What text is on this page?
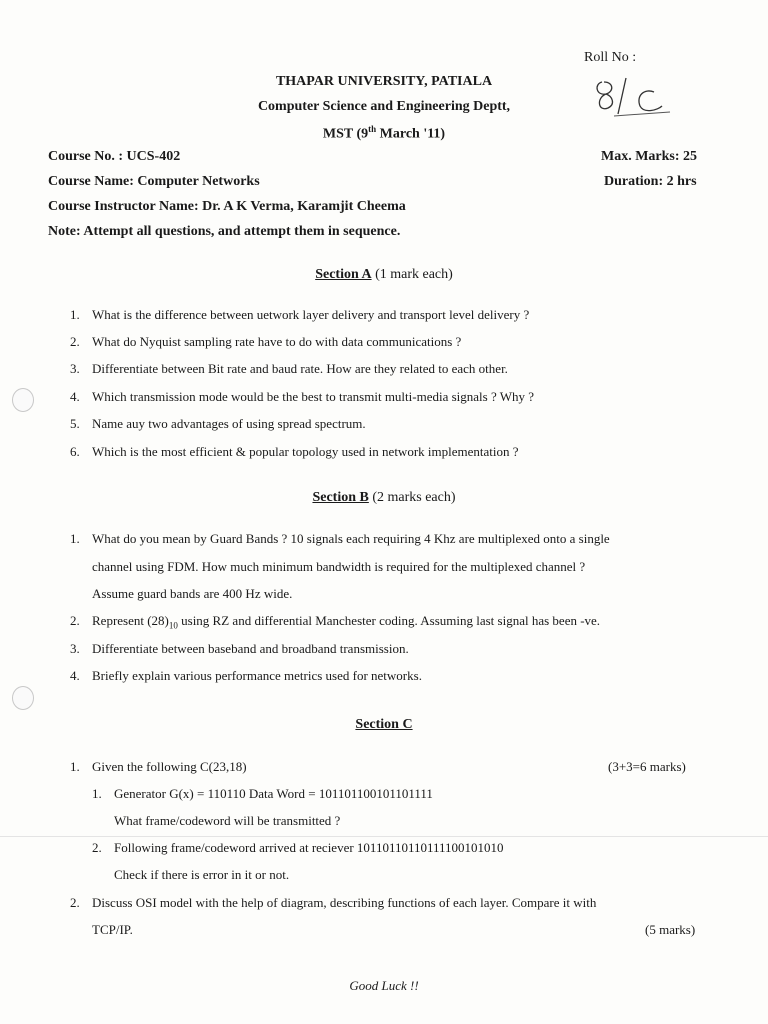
Roll No :
THAPAR UNIVERSITY, PATIALA
Computer Science and Engineering Deptt,
MST (9th March '11)
Course No. : UCS-402
Course Name: Computer Networks
Course Instructor Name: Dr. A K Verma, Karamjit Cheema
Note: Attempt all questions, and attempt them in sequence.
Max. Marks: 25
Duration: 2 hrs
Section A (1 mark each)
1. What is the difference between uetwork layer delivery and transport level delivery ?
2. What do Nyquist sampling rate have to do with data communications ?
3. Differentiate between Bit rate and baud rate. How are they related to each other.
4. Which transmission mode would be the best to transmit multi-media signals ? Why ?
5. Name auy two advantages of using spread spectrum.
6. Which is the most efficient & popular topology used in network implementation ?
Section B (2 marks each)
1. What do you mean by Guard Bands ? 10 signals each requiring 4 Khz are multiplexed onto a single
channel using FDM. How much minimum bandwidth is required for the multiplexed channel ?
Assume guard bands are 400 Hz wide.
2. Represent $(28)_{10}$ using RZ and differential Manchester coding. Assuming last signal has been -ve.
3. Differentiate between baseband and broadband transmission.
4. Briefly explain various performance metrics used for networks.
Section C
1. Given the following C(23,18)	(3+3=6 marks)
1. Generator G(x) = 110110 Data Word = 101101100101101111
What frame/codeword will be transmitted ?
2. Following frame/codeword arrived at reciever 10110110110111100101010
Check if there is error in it or not.
2. Discuss OSI model with the help of diagram, describing functions of each layer. Compare it with
TCP/IP.	(5 marks)
Good Luck !!
